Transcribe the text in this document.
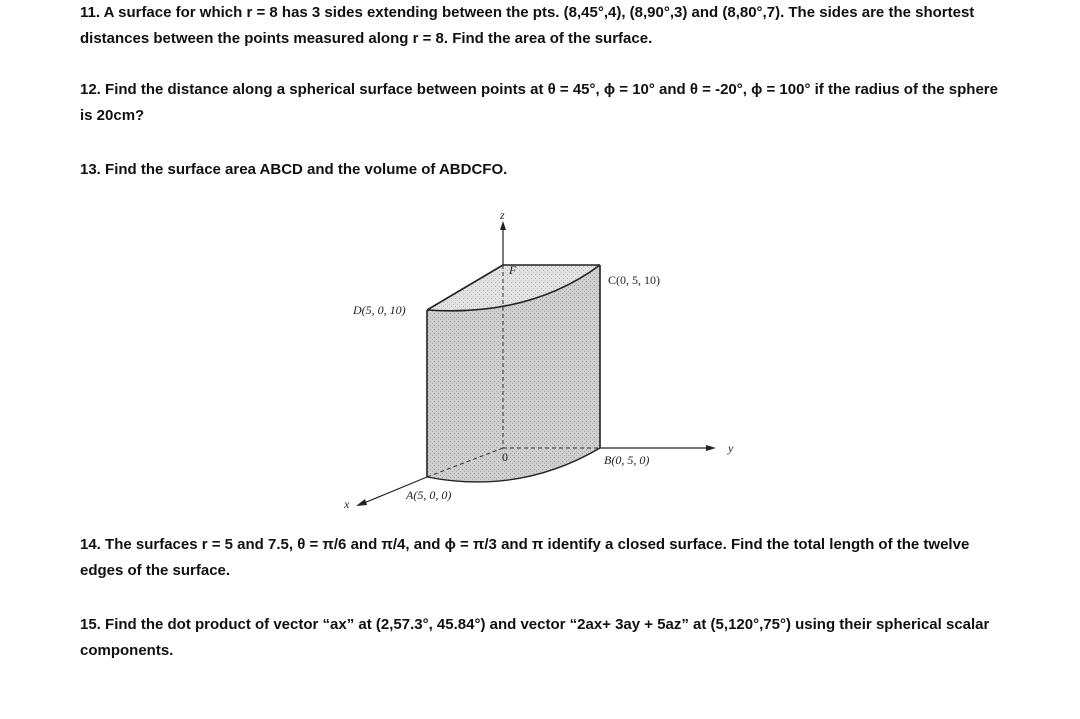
11. A surface for which r = 8 has 3 sides extending between the pts. (8,45°,4), (8,90°,3) and (8,80°,7). The sides are the shortest distances between the points measured along r = 8. Find the area of the surface.

12. Find the distance along a spherical surface between points at θ = 45°, ϕ = 10° and θ = -20°, ϕ = 100° if the radius of the sphere is 20cm?

13. Find the surface area ABCD and the volume of ABDCFO.

z
y
x
F
0
C(0, 5, 10)
D(5, 0, 10)
B(0, 5, 0)
A(5, 0, 0)

14. The surfaces r = 5 and 7.5, θ = π/6 and π/4, and ϕ = π/3 and π identify a closed surface. Find the total length of the twelve edges of the surface.

15. Find the dot product of vector “ax” at (2,57.3°, 45.84°) and vector “2ax+ 3ay + 5az” at (5,120°,75°) using their spherical scalar components.
